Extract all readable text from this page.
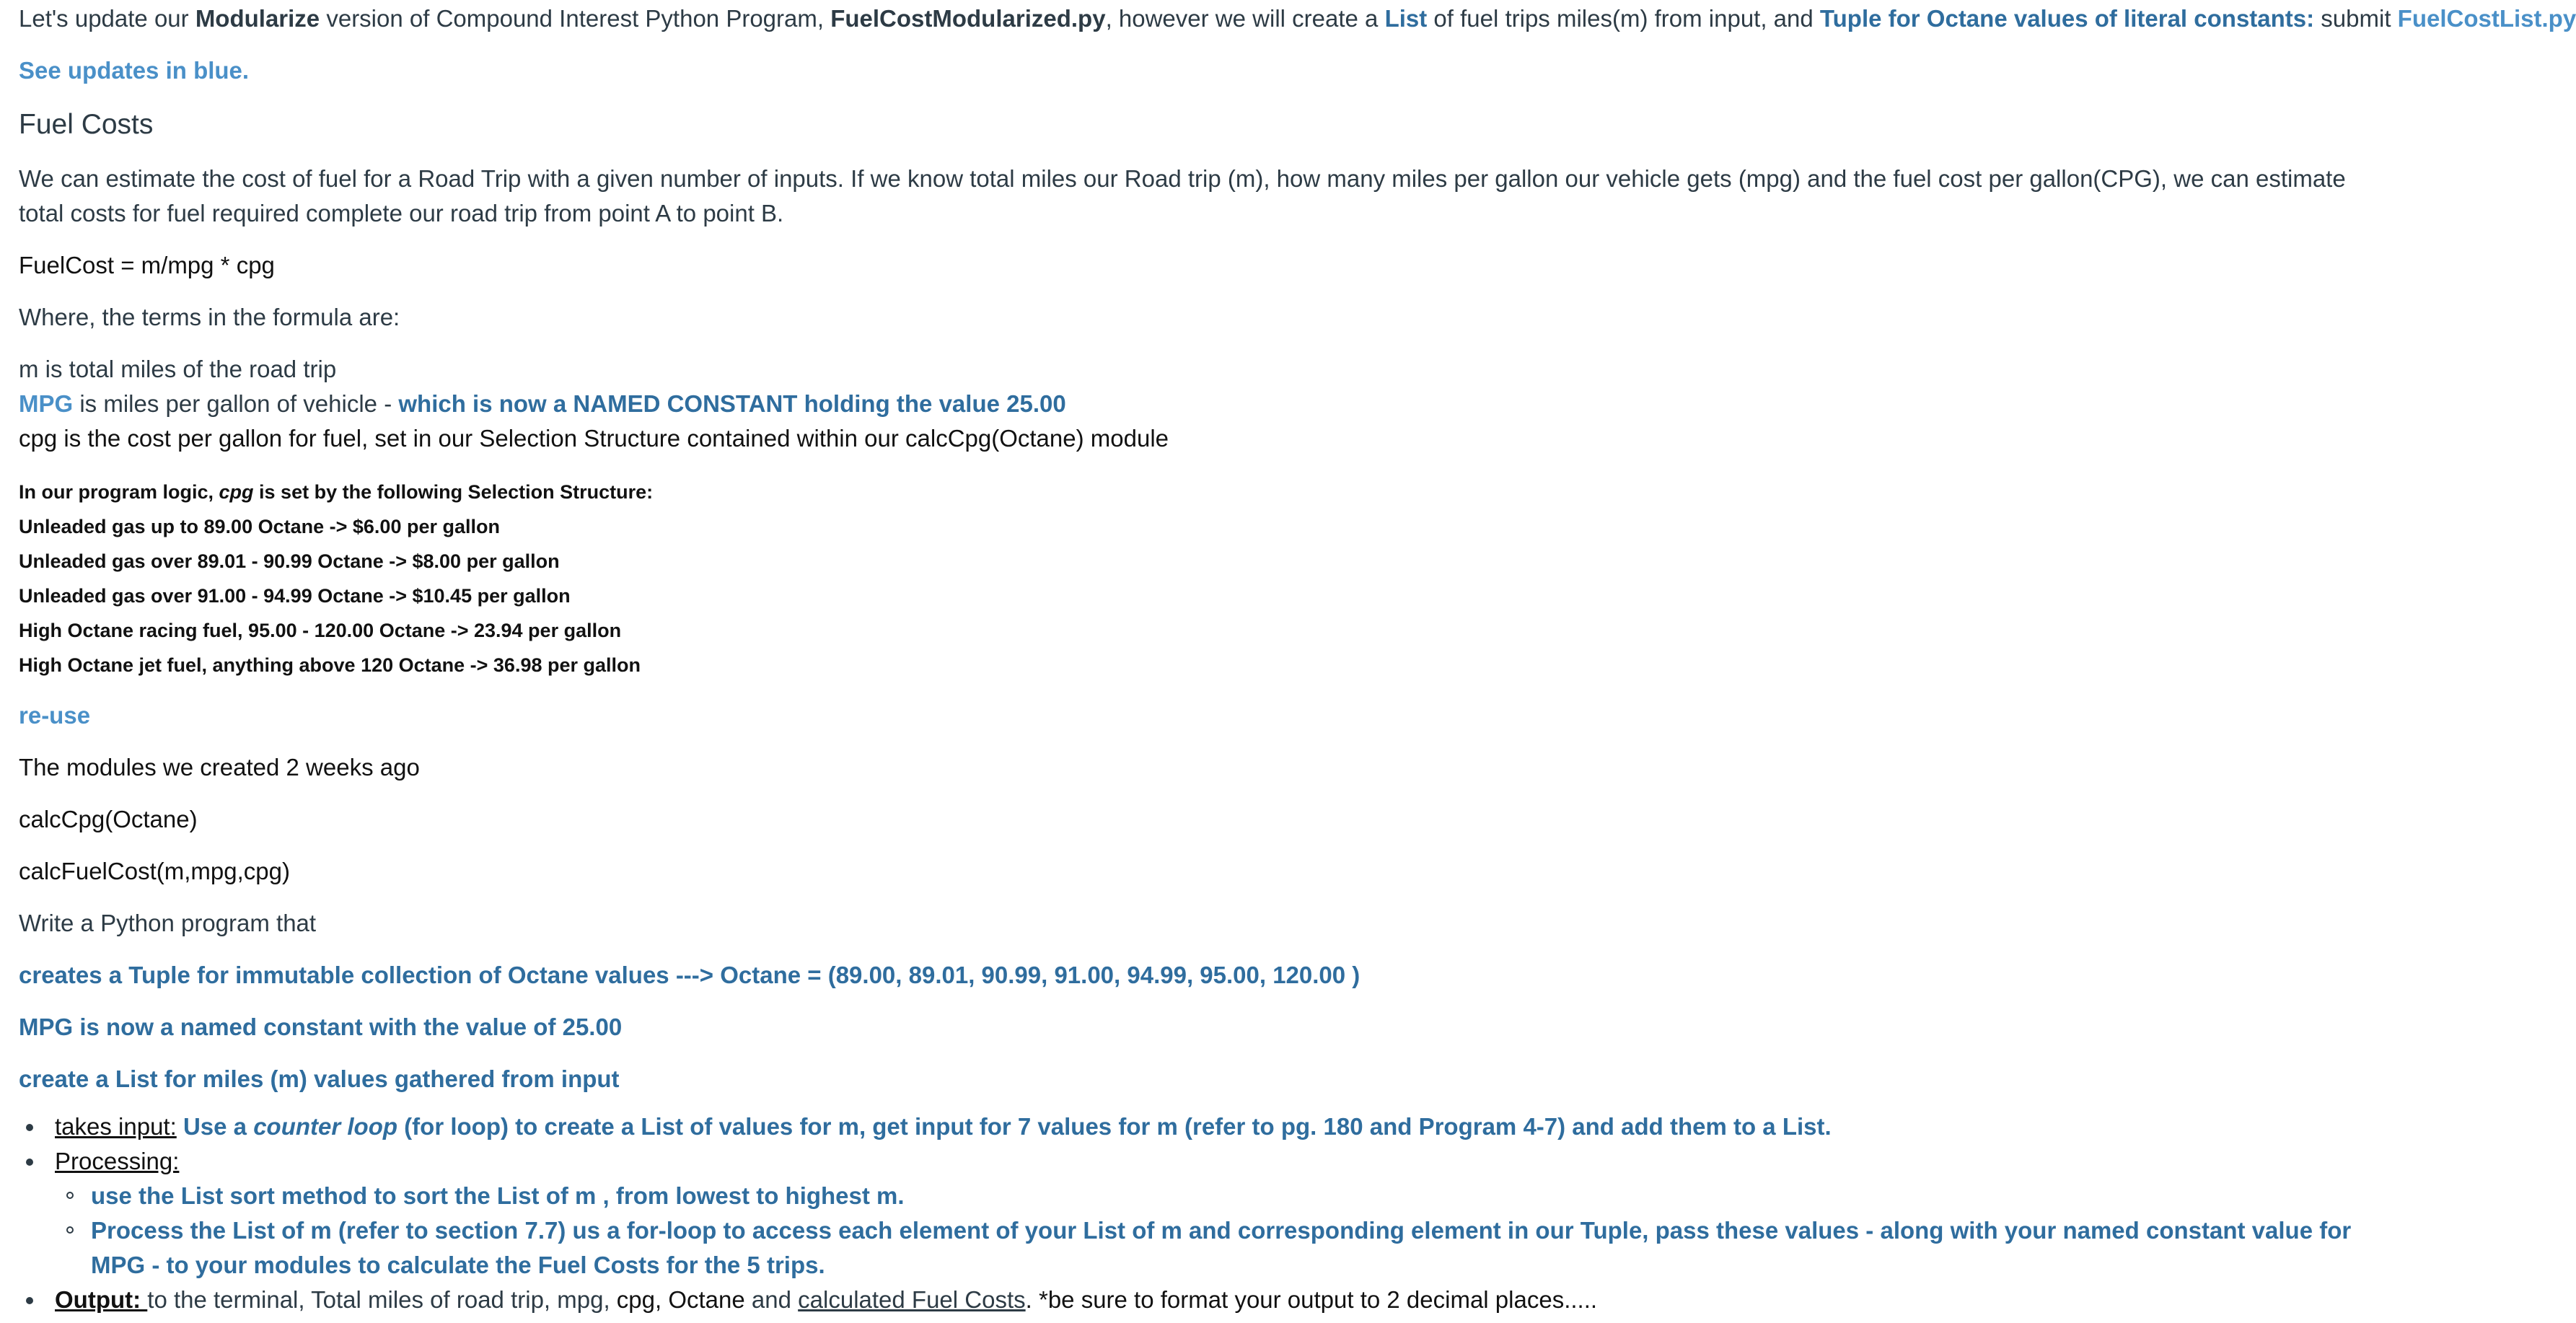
Let's update our Modularize version of Compound Interest Python Program, FuelCostModularized.py, however we will create a List of fuel trips miles(m) from input, and Tuple for Octane values of literal constants: submit FuelCostList.py

See updates in blue.

Fuel Costs

We can estimate the cost of fuel for a Road Trip with a given number of inputs. If we know total miles our Road trip (m), how many miles per gallon our vehicle gets (mpg) and the fuel cost per gallon(CPG), we can estimate total costs for fuel required complete our road trip from point A to point B.

FuelCost = m/mpg * cpg

Where, the terms in the formula are:

m is total miles of the road trip

MPG is miles per gallon of vehicle - which is now a NAMED CONSTANT holding the value 25.00

cpg is the cost per gallon for fuel, set in our Selection Structure contained within our calcCpg(Octane) module

In our program logic, cpg is set by the following Selection Structure:

Unleaded gas up to 89.00 Octane -> $6.00 per gallon

Unleaded gas over 89.01 - 90.99 Octane -> $8.00 per gallon

Unleaded gas over 91.00 - 94.99 Octane -> $10.45 per gallon

High Octane racing fuel, 95.00 - 120.00 Octane -> 23.94 per gallon

High Octane jet fuel, anything above 120 Octane -> 36.98 per gallon

re-use

The modules we created 2 weeks ago

calcCpg(Octane)

calcFuelCost(m,mpg,cpg)

Write a Python program that

creates a Tuple for immutable collection of Octane values ---> Octane = (89.00, 89.01, 90.99, 91.00, 94.99, 95.00, 120.00 )

MPG is now a named constant with the value of 25.00

create a List for miles (m) values gathered from input

takes input: Use a counter loop (for loop) to create a List of values for m, get input for 7 values for m (refer to pg. 180 and Program 4-7) and add them to a List.
Processing:
use the List sort method to sort the List of m , from lowest to highest m.
Process the List of m (refer to section 7.7) us a for-loop to access each element of your List of m and corresponding element in our Tuple, pass these values - along with your named constant value for MPG - to your modules to calculate the Fuel Costs for the 5 trips.
Output: to the terminal, Total miles of road trip, mpg, cpg, Octane and calculated Fuel Costs. *be sure to format your output to 2 decimal places.....
